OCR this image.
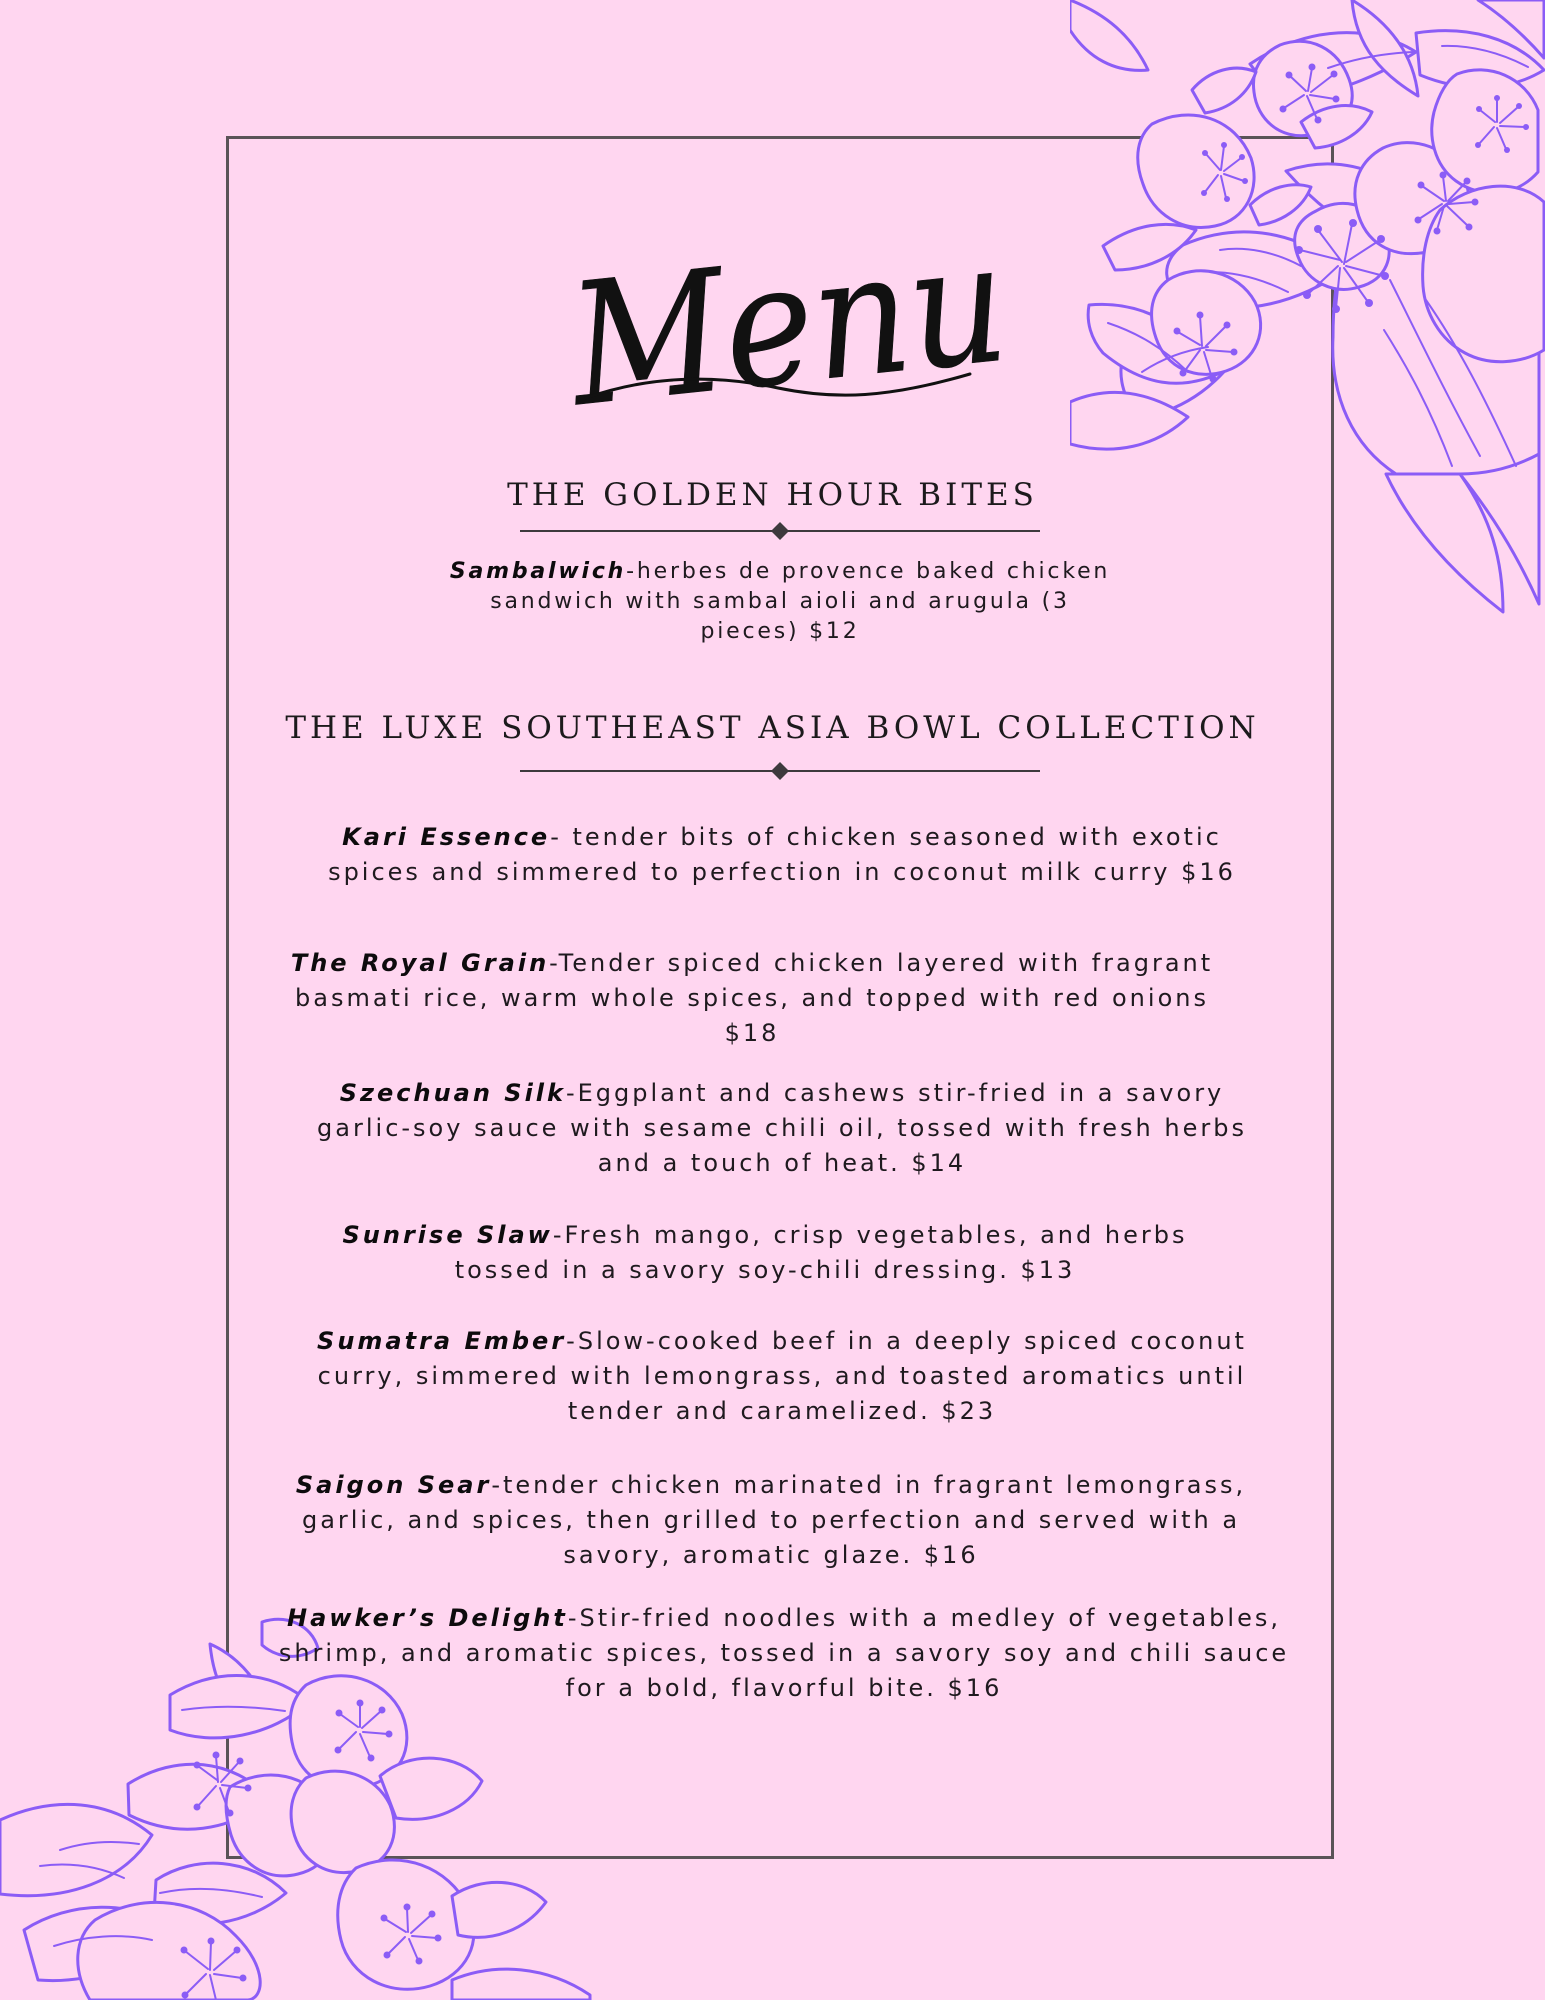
Menu
THE GOLDEN HOUR BITES
Sambalwich-herbes de provence baked chicken sandwich with sambal aioli and arugula (3 pieces) $12
THE LUXE SOUTHEAST ASIA BOWL COLLECTION
Kari Essence- tender bits of chicken seasoned with exotic spices and simmered to perfection in coconut milk curry $16
The Royal Grain-Tender spiced chicken layered with fragrant basmati rice, warm whole spices, and topped with red onions $18
Szechuan Silk-Eggplant and cashews stir-fried in a savory garlic-soy sauce with sesame chili oil, tossed with fresh herbs and a touch of heat. $14
Sunrise Slaw-Fresh mango, crisp vegetables, and herbs tossed in a savory soy-chili dressing. $13
Sumatra Ember-Slow-cooked beef in a deeply spiced coconut curry, simmered with lemongrass, and toasted aromatics until tender and caramelized. $23
Saigon Sear-tender chicken marinated in fragrant lemongrass, garlic, and spices, then grilled to perfection and served with a savory, aromatic glaze. $16
Hawker’s Delight-Stir-fried noodles with a medley of vegetables, shrimp, and aromatic spices, tossed in a savory soy and chili sauce for a bold, flavorful bite. $16
